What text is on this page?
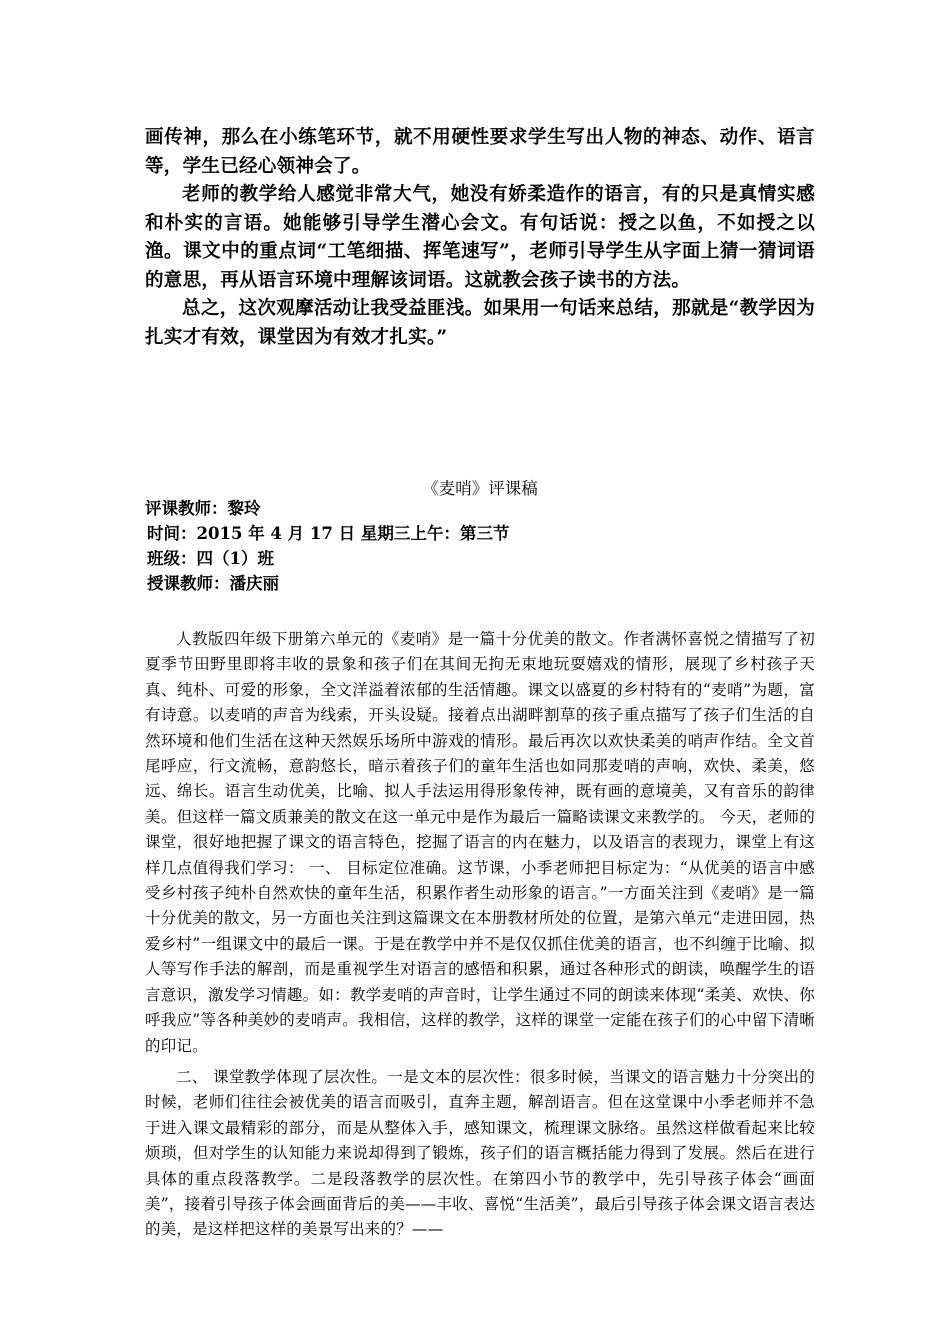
画传神，那么在小练笔环节，就不用硬性要求学生写出人物的神态、动作、语言等，学生已经心领神会了。

老师的教学给人感觉非常大气，她没有娇柔造作的语言，有的只是真情实感和朴实的言语。她能够引导学生潜心会文。有句话说：授之以鱼，不如授之以渔。课文中的重点词“工笔细描、挥笔速写”，老师引导学生从字面上猜一猜词语的意思，再从语言环境中理解该词语。这就教会孩子读书的方法。

总之，这次观摩活动让我受益匪浅。如果用一句话来总结，那就是“教学因为扎实才有效，课堂因为有效才扎实。”

《麦哨》评课稿
评课教师：黎玲
时间：2015 年 4 月 17 日 星期三上午：第三节
班级：四（1）班
授课教师：潘庆丽

人教版四年级下册第六单元的《麦哨》是一篇十分优美的散文。作者满怀喜悦之情描写了初夏季节田野里即将丰收的景象和孩子们在其间无拘无束地玩耍嬉戏的情形，展现了乡村孩子天真、纯朴、可爱的形象，全文洋溢着浓郁的生活情趣。课文以盛夏的乡村特有的“麦哨”为题，富有诗意。以麦哨的声音为线索，开头设疑。接着点出湖畔割草的孩子重点描写了孩子们生活的自然环境和他们生活在这种天然娱乐场所中游戏的情形。最后再次以欢快柔美的哨声作结。全文首尾呼应，行文流畅，意韵悠长，暗示着孩子们的童年生活也如同那麦哨的声响，欢快、柔美，悠远、绵长。语言生动优美，比喻、拟人手法运用得形象传神，既有画的意境美，又有音乐的韵律美。但这样一篇文质兼美的散文在这一单元中是作为最后一篇略读课文来教学的。 今天，老师的课堂，很好地把握了课文的语言特色，挖掘了语言的内在魅力，以及语言的表现力，课堂上有这样几点值得我们学习： 一、 目标定位准确。这节课，小季老师把目标定为：“从优美的语言中感受乡村孩子纯朴自然欢快的童年生活，积累作者生动形象的语言。”一方面关注到《麦哨》是一篇十分优美的散文，另一方面也关注到这篇课文在本册教材所处的位置，是第六单元“走进田园，热爱乡村”一组课文中的最后一课。于是在教学中并不是仅仅抓住优美的语言，也不纠缠于比喻、拟人等写作手法的解剖，而是重视学生对语言的感悟和积累，通过各种形式的朗读，唤醒学生的语言意识，激发学习情趣。如：教学麦哨的声音时，让学生通过不同的朗读来体现“柔美、欢快、你呼我应”等各种美妙的麦哨声。我相信，这样的教学，这样的课堂一定能在孩子们的心中留下清晰的印记。

二、 课堂教学体现了层次性。一是文本的层次性：很多时候，当课文的语言魅力十分突出的时候，老师们往往会被优美的语言而吸引，直奔主题，解剖语言。但在这堂课中小季老师并不急于进入课文最精彩的部分，而是从整体入手，感知课文，梳理课文脉络。虽然这样做看起来比较烦琐，但对学生的认知能力来说却得到了锻炼，孩子们的语言概括能力得到了发展。然后在进行具体的重点段落教学。二是段落教学的层次性。在第四小节的教学中，先引导孩子体会“画面美”，接着引导孩子体会画面背后的美——丰收、喜悦“生活美”，最后引导孩子体会课文语言表达的美，是这样把这样的美景写出来的？——
